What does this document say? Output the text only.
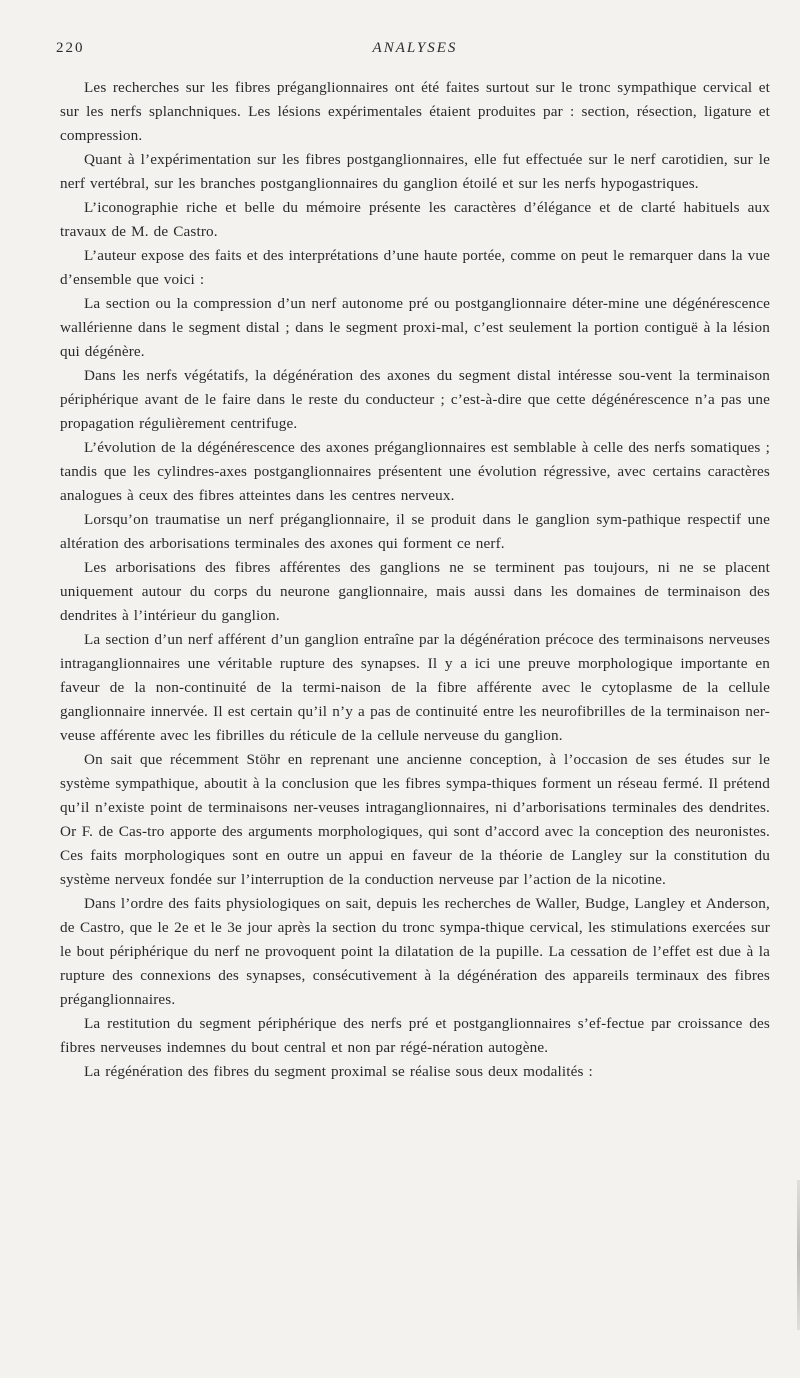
220	ANALYSES

Les recherches sur les fibres préganglionnaires ont été faites surtout sur le tronc sympathique cervical et sur les nerfs splanchniques. Les lésions expérimentales étaient produites par : section, résection, ligature et compression.

Quant à l’expérimentation sur les fibres postganglionnaires, elle fut effectuée sur le nerf carotidien, sur le nerf vertébral, sur les branches postganglionnaires du ganglion étoilé et sur les nerfs hypogastriques.

L’iconographie riche et belle du mémoire présente les caractères d’élégance et de clarté habituels aux travaux de M. de Castro.

L’auteur expose des faits et des interprétations d’une haute portée, comme on peut le remarquer dans la vue d’ensemble que voici :

La section ou la compression d’un nerf autonome pré ou postganglionnaire déter-mine une dégénérescence wallérienne dans le segment distal ; dans le segment proxi-mal, c’est seulement la portion contiguë à la lésion qui dégénère.

Dans les nerfs végétatifs, la dégénération des axones du segment distal intéresse sou-vent la terminaison périphérique avant de le faire dans le reste du conducteur ; c’est-à-dire que cette dégénérescence n’a pas une propagation régulièrement centrifuge.

L’évolution de la dégénérescence des axones préganglionnaires est semblable à celle des nerfs somatiques ; tandis que les cylindres-axes postganglionnaires présentent une évolution régressive, avec certains caractères analogues à ceux des fibres atteintes dans les centres nerveux.

Lorsqu’on traumatise un nerf préganglionnaire, il se produit dans le ganglion sym-pathique respectif une altération des arborisations terminales des axones qui forment ce nerf.

Les arborisations des fibres afférentes des ganglions ne se terminent pas toujours, ni ne se placent uniquement autour du corps du neurone ganglionnaire, mais aussi dans les domaines de terminaison des dendrites à l’intérieur du ganglion.

La section d’un nerf afférent d’un ganglion entraîne par la dégénération précoce des terminaisons nerveuses intraganglionnaires une véritable rupture des synapses. Il y a ici une preuve morphologique importante en faveur de la non-continuité de la termi-naison de la fibre afférente avec le cytoplasme de la cellule ganglionnaire innervée. Il est certain qu’il n’y a pas de continuité entre les neurofibrilles de la terminaison ner-veuse afférente avec les fibrilles du réticule de la cellule nerveuse du ganglion.

On sait que récemment Stöhr en reprenant une ancienne conception, à l’occasion de ses études sur le système sympathique, aboutit à la conclusion que les fibres sympa-thiques forment un réseau fermé. Il prétend qu’il n’existe point de terminaisons ner-veuses intraganglionnaires, ni d’arborisations terminales des dendrites. Or F. de Cas-tro apporte des arguments morphologiques, qui sont d’accord avec la conception des neuronistes. Ces faits morphologiques sont en outre un appui en faveur de la théorie de Langley sur la constitution du système nerveux fondée sur l’interruption de la conduction nerveuse par l’action de la nicotine.

Dans l’ordre des faits physiologiques on sait, depuis les recherches de Waller, Budge, Langley et Anderson, de Castro, que le 2e et le 3e jour après la section du tronc sympa-thique cervical, les stimulations exercées sur le bout périphérique du nerf ne provoquent point la dilatation de la pupille. La cessation de l’effet est due à la rupture des connexions des synapses, consécutivement à la dégénération des appareils terminaux des fibres préganglionnaires.

La restitution du segment périphérique des nerfs pré et postganglionnaires s’ef-fectue par croissance des fibres nerveuses indemnes du bout central et non par régé-nération autogène.

La régénération des fibres du segment proximal se réalise sous deux modalités :
